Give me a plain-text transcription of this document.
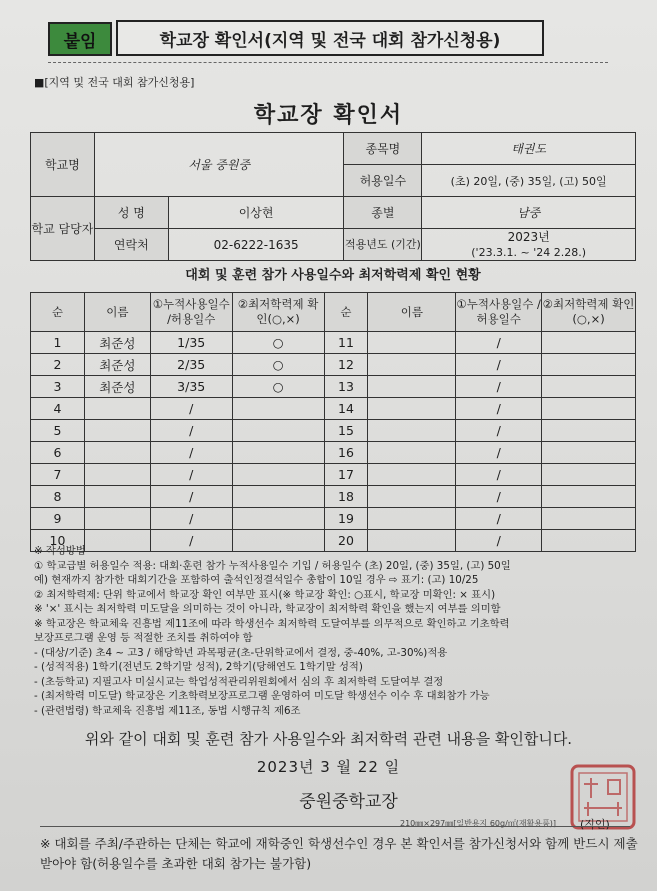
붙임	학교장 확인서(지역 및 전국 대회 참가신청용)
■[지역 및 전국 대회 참가신청용]
학교장 확인서
학교명	서울 중원중		종목명	태권도
			허용일수	(초) 20일, (중) 35일, (고) 50일
학교 담당자	성 명	이상현	종별	남중
	연락처	02-6222-1635	적용년도 (기간)	2023년
('23.3.1. ~ '24 2.28.)
대회 및 훈련 참가 사용일수와 최저학력제 확인 현황
순	이름	①누적사용일수 /허용일수	②최저학력제 확인(○,×)	순	이름	①누적사용일수 /허용일수	②최저학력제 확인(○,×)
1	최준성	1/35	○	11		/	
2	최준성	2/35	○	12		/	
3	최준성	3/35	○	13		/	
4		/		14		/	
5		/		15		/	
6		/		16		/	
7		/		17		/	
8		/		18		/	
9		/		19		/	
10		/		20		/	
※ 작성방법
① 학교급별 허용일수 적용: 대회·훈련 참가 누적사용일수 기입 / 허용일수 (초) 20일, (중) 35일, (고) 50일
예) 현재까지 참가한 대회기간을 포함하여 출석인정결석일수 총합이 10일 경우 ⇨ 표기: (고) 10/25
② 최저학력제: 단위 학교에서 학교장 확인 여부만 표시(※ 학교장 확인: ○표시, 학교장 미확인: × 표시)
※ '×' 표시는 최저학력 미도달을 의미하는 것이 아니라, 학교장이 최저학력 확인을 했는지 여부를 의미함
※ 학교장은 학교체육 진흥법 제11조에 따라 학생선수 최저학력 도달여부를 의무적으로 확인하고 기초학력
보장프로그램 운영 등 적절한 조치를 취하여야 함
- (대상/기준) 초4 ~ 고3 / 해당학년 과목평균(초-단위학교에서 결정, 중-40%, 고-30%)적용
- (성적적용) 1학기(전년도 2학기말 성적), 2학기(당해연도 1학기말 성적)
- (초등학교) 지필고사 미실시교는 학업성적관리위원회에서 심의 후 최저학력 도달여부 결정
- (최저학력 미도달) 학교장은 기초학력보장프로그램 운영하여 미도달 학생선수 이수 후 대회참가 가능
- (관련법령) 학교체육 진흥법 제11조, 동법 시행규칙 제6조
위와 같이 대회 및 훈련 참가 사용일수와 최저학력 관련 내용을 확인합니다.
2023년 3 월 22 일
중원중학교장
(직인)
210㎜×297㎜[일반용지 60g/㎡(재활용품)]
※ 대회를 주최/주관하는 단체는 학교에 재학중인 학생선수인 경우 본 확인서를 참가신청서와 함께 반드시 제출받아야 함(허용일수를 초과한 대회 참가는 불가함)
